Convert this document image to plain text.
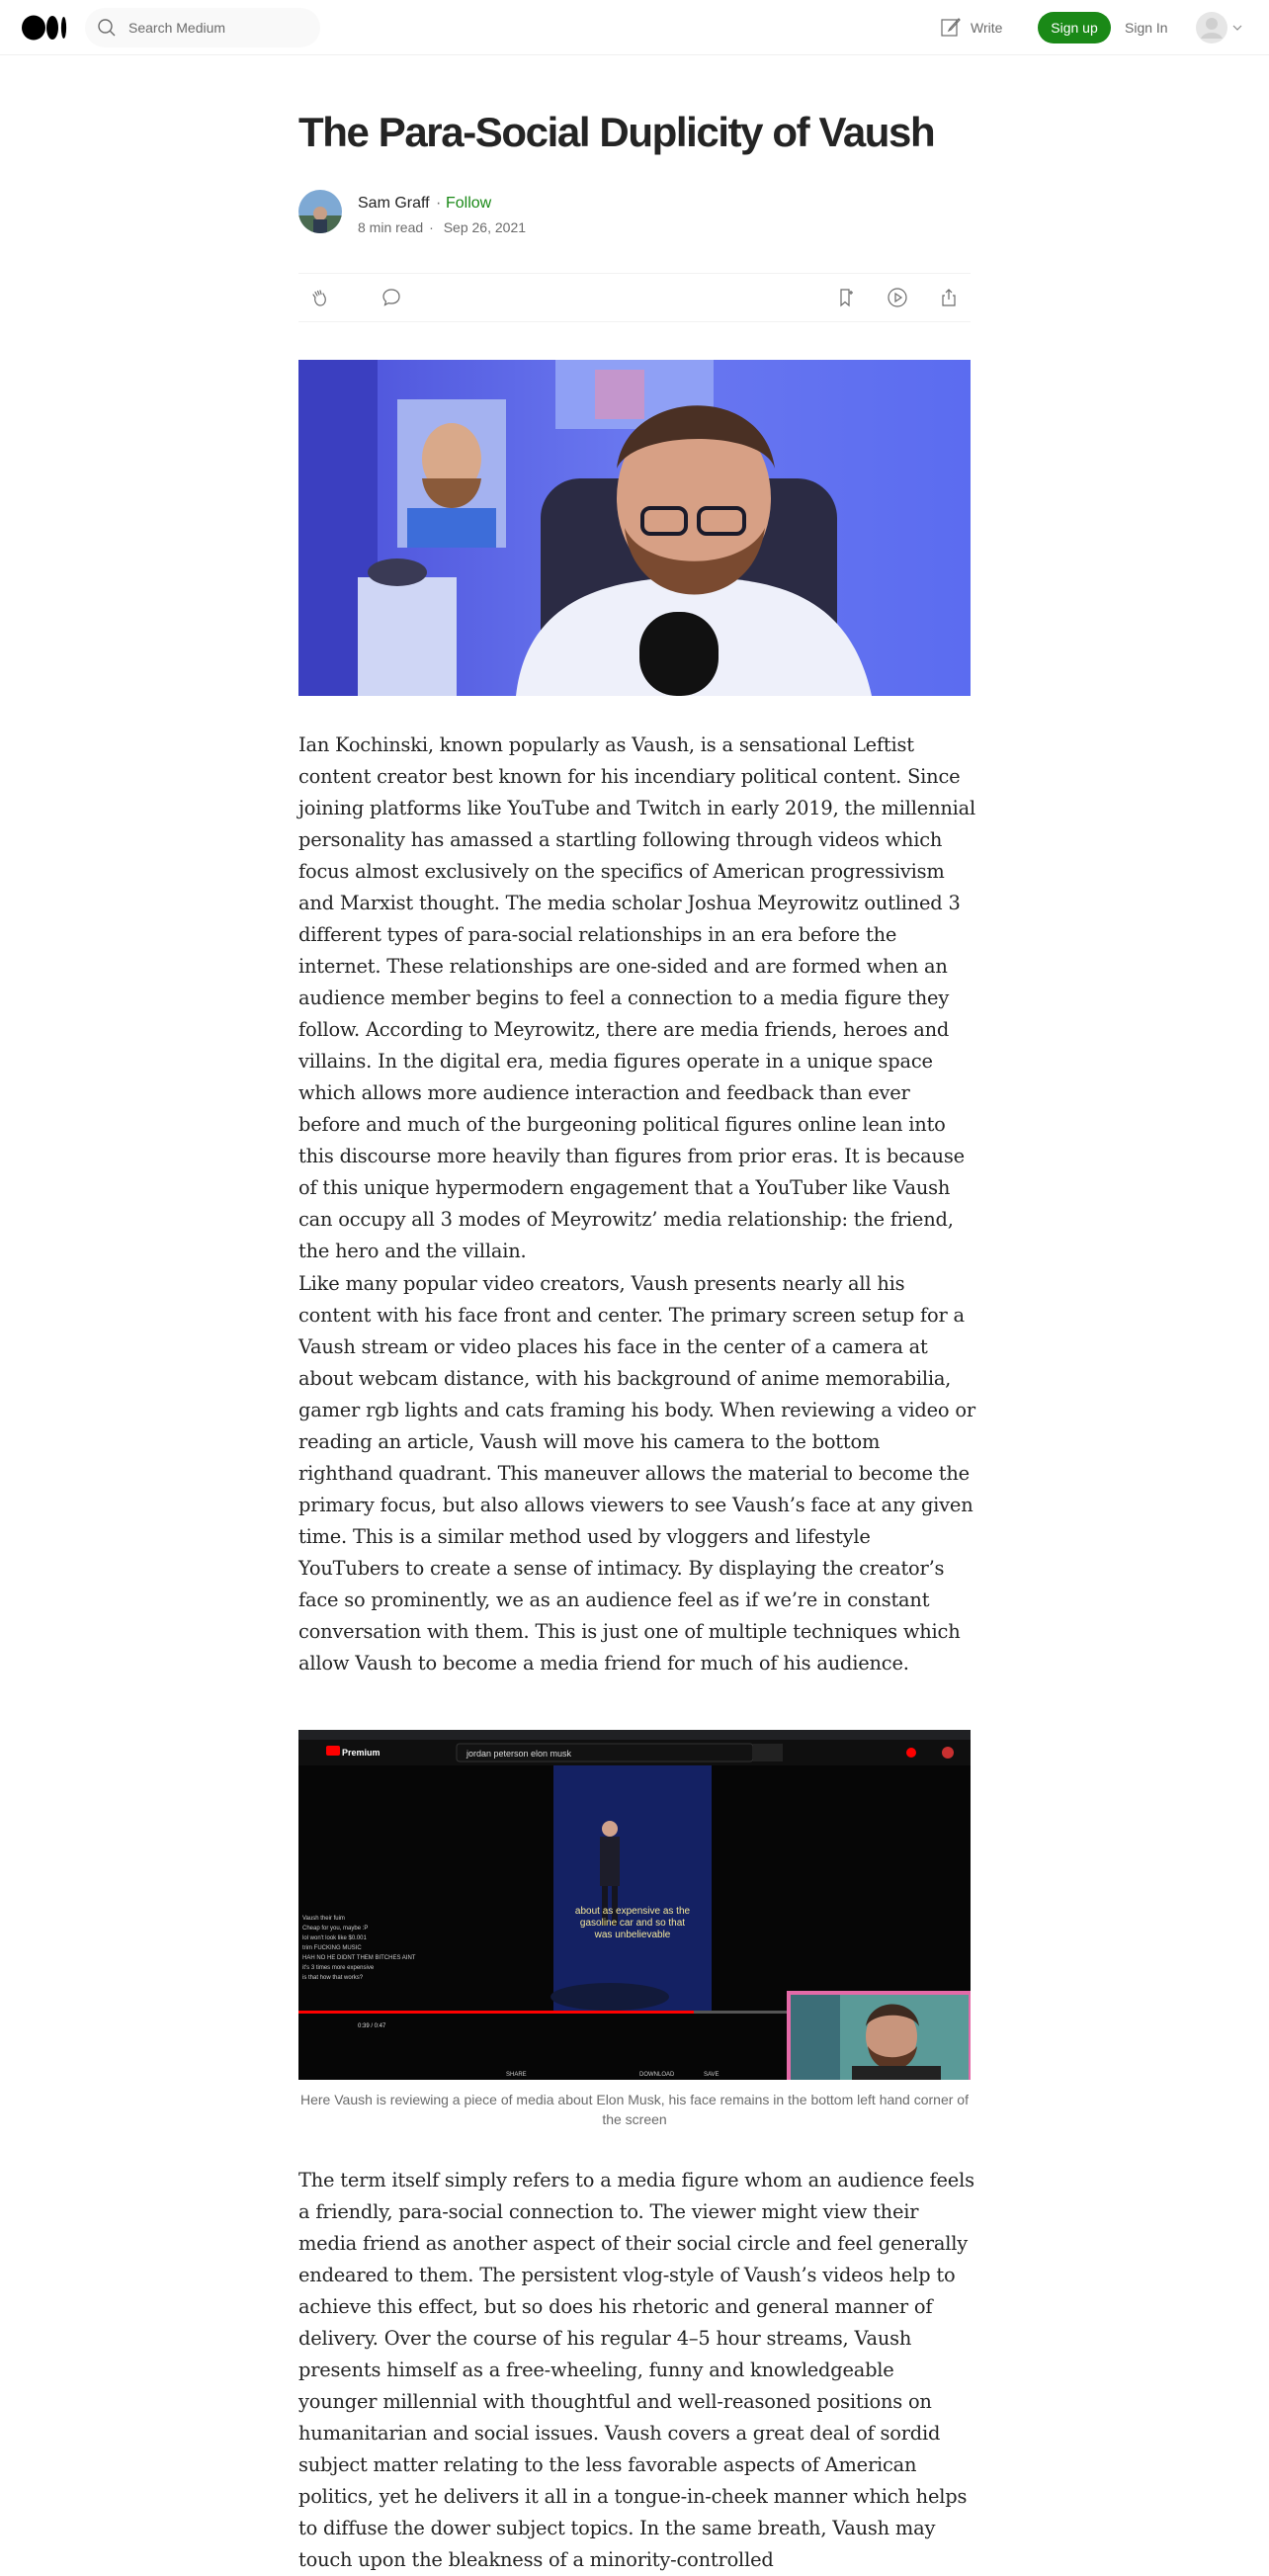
Search Medium	Write	Sign up	Sign In
The Para-Social Duplicity of Vaush
Sam Graff · Follow
8 min read · Sep 26, 2021

Ian Kochinski, known popularly as Vaush, is a sensational Leftist content creator best known for his incendiary political content. Since joining platforms like YouTube and Twitch in early 2019, the millennial personality has amassed a startling following through videos which focus almost exclusively on the specifics of American progressivism and Marxist thought. The media scholar Joshua Meyrowitz outlined 3 different types of para-social relationships in an era before the internet. These relationships are one-sided and are formed when an audience member begins to feel a connection to a media figure they follow. According to Meyrowitz, there are media friends, heroes and villains. In the digital era, media figures operate in a unique space which allows more audience interaction and feedback than ever before and much of the burgeoning political figures online lean into this discourse more heavily than figures from prior eras. It is because of this unique hypermodern engagement that a YouTuber like Vaush can occupy all 3 modes of Meyrowitz’ media relationship: the friend, the hero and the villain.

Like many popular video creators, Vaush presents nearly all his content with his face front and center. The primary screen setup for a Vaush stream or video places his face in the center of a camera at about webcam distance, with his background of anime memorabilia, gamer rgb lights and cats framing his body. When reviewing a video or reading an article, Vaush will move his camera to the bottom righthand quadrant. This maneuver allows the material to become the primary focus, but also allows viewers to see Vaush’s face at any given time. This is a similar method used by vloggers and lifestyle YouTubers to create a sense of intimacy. By displaying the creator’s face so prominently, we as an audience feel as if we’re in constant conversation with them. This is just one of multiple techniques which allow Vaush to become a media friend for much of his audience.

Premium	jordan peterson elon musk
about as expensive as the
gasoline car and so that
was unbelievable
Vaush their fuim
Cheap for you, maybe :P
lol won't look like $0.001
trim FUCKING MUSIC
HAH NO HE DIDNT THEM BITCHES AINT
it's 3 times more expensive
is that how that works?
0:39 / 0:47
SHARE	DOWNLOAD	SAVE
Here Vaush is reviewing a piece of media about Elon Musk, his face remains in the bottom left hand corner of the screen

The term itself simply refers to a media figure whom an audience feels a friendly, para-social connection to. The viewer might view their media friend as another aspect of their social circle and feel generally endeared to them. The persistent vlog-style of Vaush’s videos help to achieve this effect, but so does his rhetoric and general manner of delivery. Over the course of his regular 4–5 hour streams, Vaush presents himself as a free-wheeling, funny and knowledgeable younger millennial with thoughtful and well-reasoned positions on humanitarian and social issues. Vaush covers a great deal of sordid subject matter relating to the less favorable aspects of American politics, yet he delivers it all in a tongue-in-cheek manner which helps to diffuse the dower subject topics. In the same breath, Vaush may touch upon the bleakness of a minority-controlled
